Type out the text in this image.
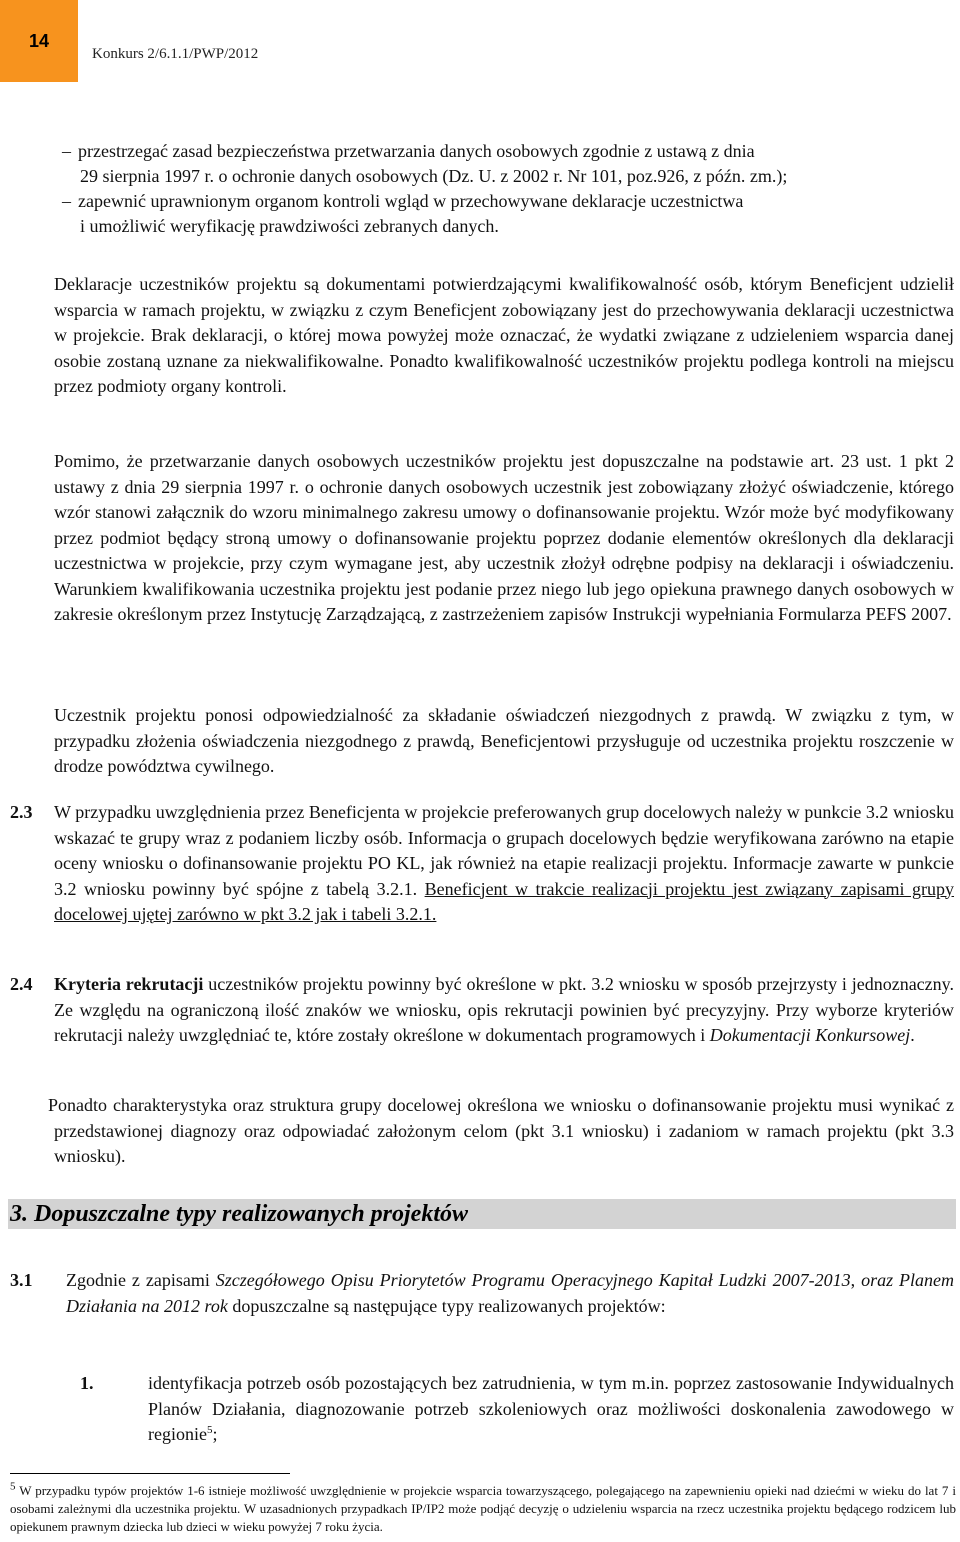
14
Konkurs 2/6.1.1/PWP/2012
– przestrzegać zasad bezpieczeństwa przetwarzania danych osobowych zgodnie z ustawą z dnia
29 sierpnia 1997 r. o ochronie danych osobowych (Dz. U. z 2002 r. Nr 101, poz.926, z późn. zm.);
– zapewnić uprawnionym organom kontroli wgląd w przechowywane deklaracje uczestnictwa
i umożliwić weryfikację prawdziwości zebranych danych.
Deklaracje uczestników projektu są dokumentami potwierdzającymi kwalifikowalność osób, którym Beneficjent udzielił wsparcia w ramach projektu, w związku z czym Beneficjent zobowiązany jest do przechowywania deklaracji uczestnictwa w projekcie. Brak deklaracji, o której mowa powyżej może oznaczać, że wydatki związane z udzieleniem wsparcia danej osobie zostaną uznane za niekwalifikowalne. Ponadto kwalifikowalność uczestników projektu podlega kontroli na miejscu przez podmioty organy kontroli.
Pomimo, że przetwarzanie danych osobowych uczestników projektu jest dopuszczalne na podstawie art. 23 ust. 1 pkt 2 ustawy z dnia 29 sierpnia 1997 r. o ochronie danych osobowych uczestnik jest zobowiązany złożyć oświadczenie, którego wzór stanowi załącznik do wzoru minimalnego zakresu umowy o dofinansowanie projektu. Wzór może być modyfikowany przez podmiot będący stroną umowy o dofinansowanie projektu poprzez dodanie elementów określonych dla deklaracji uczestnictwa w projekcie, przy czym wymagane jest, aby uczestnik złożył odrębne podpisy na deklaracji i oświadczeniu. Warunkiem kwalifikowania uczestnika projektu jest podanie przez niego lub jego opiekuna prawnego danych osobowych w zakresie określonym przez Instytucję Zarządzającą, z zastrzeżeniem zapisów Instrukcji wypełniania Formularza PEFS 2007.
Uczestnik projektu ponosi odpowiedzialność za składanie oświadczeń niezgodnych z prawdą. W związku z tym, w przypadku złożenia oświadczenia niezgodnego z prawdą, Beneficjentowi przysługuje od uczestnika projektu roszczenie w drodze powództwa cywilnego.
2.3 W przypadku uwzględnienia przez Beneficjenta w projekcie preferowanych grup docelowych należy w punkcie 3.2 wniosku wskazać te grupy wraz z podaniem liczby osób. Informacja o grupach docelowych będzie weryfikowana zarówno na etapie oceny wniosku o dofinansowanie projektu PO KL, jak również na etapie realizacji projektu. Informacje zawarte w punkcie 3.2 wniosku powinny być spójne z tabelą 3.2.1. Beneficjent w trakcie realizacji projektu jest związany zapisami grupy docelowej ujętej zarówno w pkt 3.2 jak i tabeli 3.2.1.
2.4 Kryteria rekrutacji uczestników projektu powinny być określone w pkt. 3.2 wniosku w sposób przejrzysty i jednoznaczny. Ze względu na ograniczoną ilość znaków we wniosku, opis rekrutacji powinien być precyzyjny. Przy wyborze kryteriów rekrutacji należy uwzględniać te, które zostały określone w dokumentach programowych i Dokumentacji Konkursowej.
Ponadto charakterystyka oraz struktura grupy docelowej określona we wniosku o dofinansowanie projektu musi wynikać z przedstawionej diagnozy oraz odpowiadać założonym celom (pkt 3.1 wniosku) i zadaniom w ramach projektu (pkt 3.3 wniosku).
3. Dopuszczalne typy realizowanych projektów
3.1 Zgodnie z zapisami Szczegółowego Opisu Priorytetów Programu Operacyjnego Kapitał Ludzki 2007-2013, oraz Planem Działania na 2012 rok dopuszczalne są następujące typy realizowanych projektów:
1.	identyfikacja potrzeb osób pozostających bez zatrudnienia, w tym m.in. poprzez zastosowanie Indywidualnych Planów Działania, diagnozowanie potrzeb szkoleniowych oraz możliwości doskonalenia zawodowego w regionie$^5$;
$^5$ W przypadku typów projektów 1-6 istnieje możliwość uwzględnienie w projekcie wsparcia towarzyszącego, polegającego na zapewnieniu opieki nad dziećmi w wieku do lat 7 i osobami zależnymi dla uczestnika projektu. W uzasadnionych przypadkach IP/IP2 może podjąć decyzję o udzieleniu wsparcia na rzecz uczestnika projektu będącego rodzicem lub opiekunem prawnym dziecka lub dzieci w wieku powyżej 7 roku życia.
